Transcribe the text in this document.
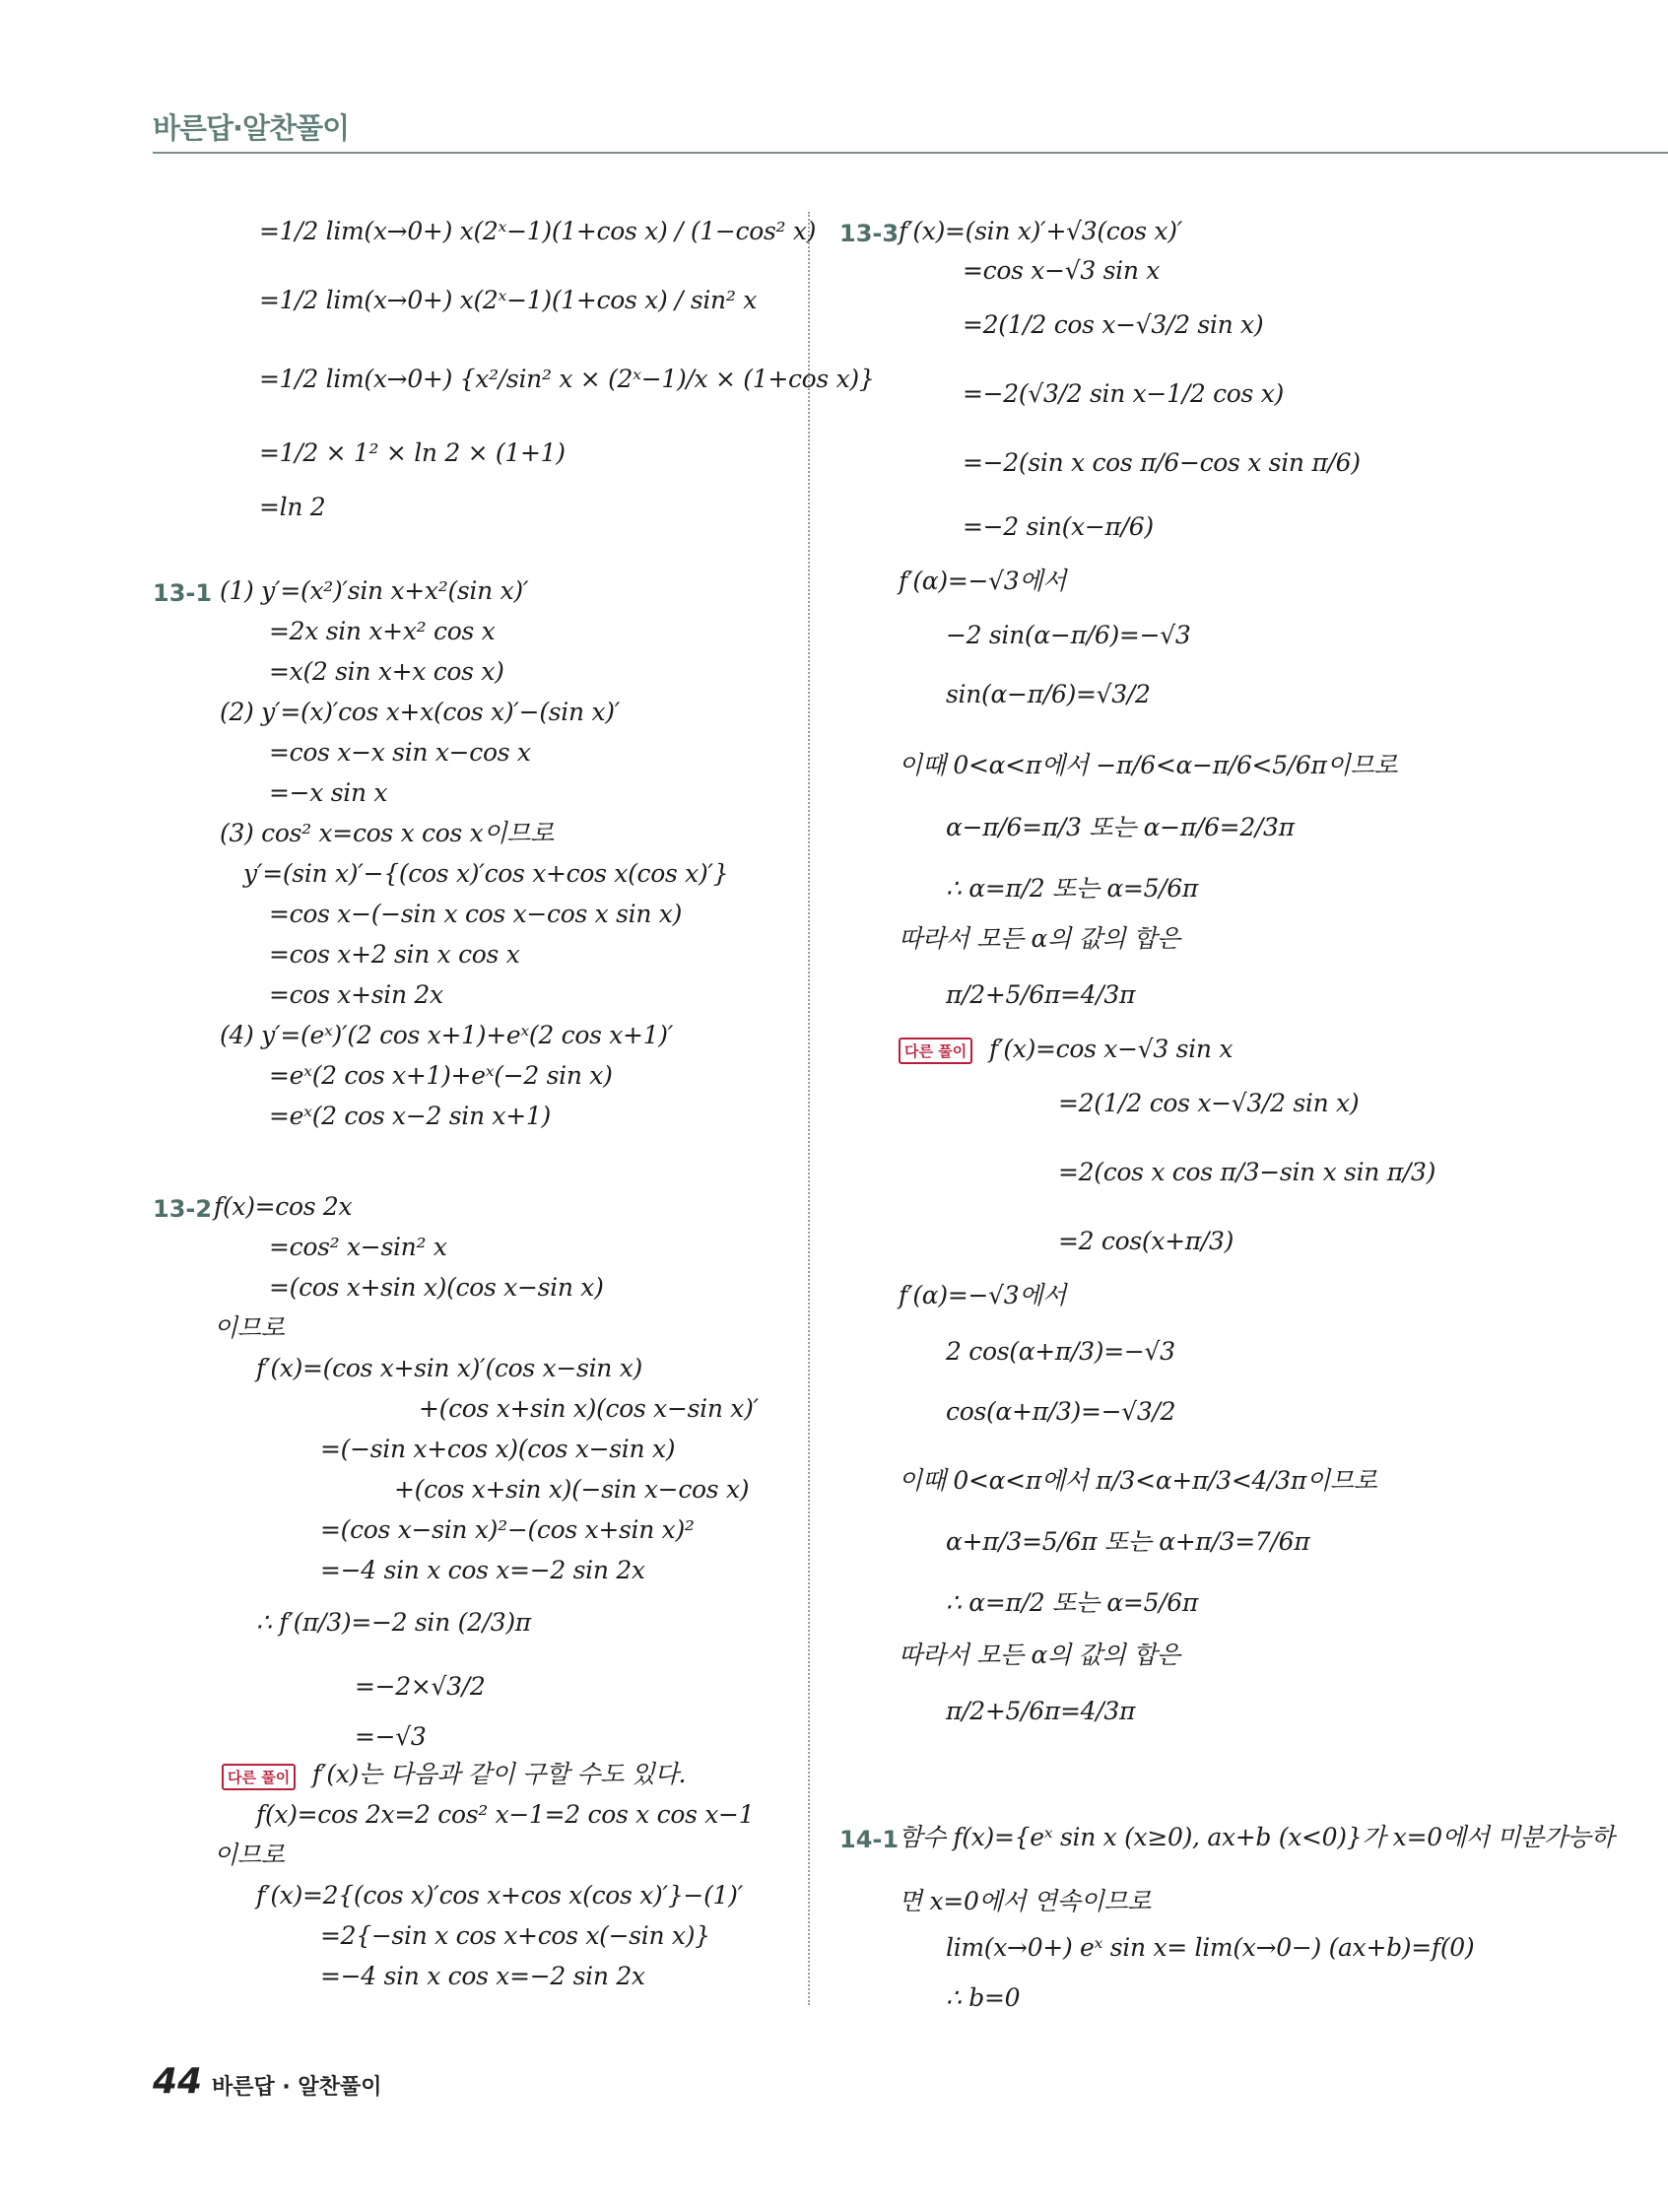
바른답·알찬풀이
=1/2 lim(x→0+) x(2ˣ−1)(1+cos x) / (1−cos² x)
=1/2 lim(x→0+) x(2ˣ−1)(1+cos x) / sin² x
=1/2 lim(x→0+) {x²/sin² x × (2ˣ−1)/x × (1+cos x)}
=1/2 × 1² × ln 2 × (1+1)
=ln 2
13-1 (1) y′=(x²)′sin x+x²(sin x)′
=2x sin x+x² cos x
=x(2 sin x+x cos x)
(2) y′=(x)′cos x+x(cos x)′−(sin x)′
=cos x−x sin x−cos x
=−x sin x
(3) cos² x=cos x cos x이므로
y′=(sin x)′−{(cos x)′cos x+cos x(cos x)′}
=cos x−(−sin x cos x−cos x sin x)
=cos x+2 sin x cos x
=cos x+sin 2x
(4) y′=(eˣ)′(2 cos x+1)+eˣ(2 cos x+1)′
=eˣ(2 cos x+1)+eˣ(−2 sin x)
=eˣ(2 cos x−2 sin x+1)
13-2 f(x)=cos 2x
=cos² x−sin² x
=(cos x+sin x)(cos x−sin x)
이므로
f′(x)=(cos x+sin x)′(cos x−sin x)
+(cos x+sin x)(cos x−sin x)′
=(−sin x+cos x)(cos x−sin x)
+(cos x+sin x)(−sin x−cos x)
=(cos x−sin x)²−(cos x+sin x)²
=−4 sin x cos x=−2 sin 2x
∴ f′(π/3)=−2 sin (2/3)π
=−2×√3/2
=−√3
다른 풀이 f′(x)는 다음과 같이 구할 수도 있다.
f(x)=cos 2x=2 cos² x−1=2 cos x cos x−1
이므로
f′(x)=2{(cos x)′cos x+cos x(cos x)′}−(1)′
=2{−sin x cos x+cos x(−sin x)}
=−4 sin x cos x=−2 sin 2x
13-3 f′(x)=(sin x)′+√3(cos x)′
=cos x−√3 sin x
=2(1/2 cos x−√3/2 sin x)
=−2(√3/2 sin x−1/2 cos x)
=−2(sin x cos π/6−cos x sin π/6)
=−2 sin(x−π/6)
f′(α)=−√3에서
−2 sin(α−π/6)=−√3
sin(α−π/6)=√3/2
이때 0<α<π에서 −π/6<α−π/6<5/6π이므로
α−π/6=π/3 또는 α−π/6=2/3π
∴ α=π/2 또는 α=5/6π
따라서 모든 α의 값의 합은
π/2+5/6π=4/3π
다른 풀이 f′(x)=cos x−√3 sin x
=2(1/2 cos x−√3/2 sin x)
=2(cos x cos π/3−sin x sin π/3)
=2 cos(x+π/3)
f′(α)=−√3에서
2 cos(α+π/3)=−√3
cos(α+π/3)=−√3/2
이때 0<α<π에서 π/3<α+π/3<4/3π이므로
α+π/3=5/6π 또는 α+π/3=7/6π
∴ α=π/2 또는 α=5/6π
따라서 모든 α의 값의 합은
π/2+5/6π=4/3π
14-1 함수 f(x)={eˣ sin x (x≥0), ax+b (x<0)}가 x=0에서 미분가능하
면 x=0에서 연속이므로
lim(x→0+) eˣ sin x= lim(x→0−) (ax+b)=f(0)
∴ b=0
44 바른답 · 알찬풀이
